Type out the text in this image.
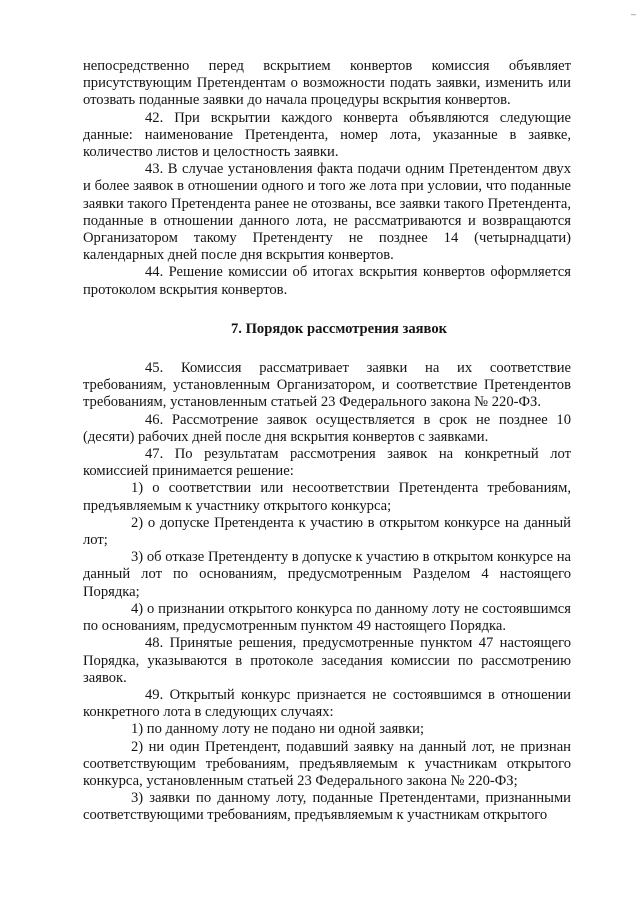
–

непосредственно перед вскрытием конвертов комиссия объявляет присутствующим Претендентам о возможности подать заявки, изменить или отозвать поданные заявки до начала процедуры вскрытия конвертов.

42. При вскрытии каждого конверта объявляются следующие данные: наименование Претендента, номер лота, указанные в заявке, количество листов и целостность заявки.

43. В случае установления факта подачи одним Претендентом двух и более заявок в отношении одного и того же лота при условии, что поданные заявки такого Претендента ранее не отозваны, все заявки такого Претендента, поданные в отношении данного лота, не рассматриваются и возвращаются Организатором такому Претенденту не позднее 14 (четырнадцати) календарных дней после дня вскрытия конвертов.

44. Решение комиссии об итогах вскрытия конвертов оформляется протоколом вскрытия конвертов.

7. Порядок рассмотрения заявок

45. Комиссия рассматривает заявки на их соответствие требованиям, установленным Организатором, и соответствие Претендентов требованиям, установленным статьей 23 Федерального закона № 220-ФЗ.

46. Рассмотрение заявок осуществляется в срок не позднее 10 (десяти) рабочих дней после дня вскрытия конвертов с заявками.

47. По результатам рассмотрения заявок на конкретный лот комиссией принимается решение:

1) о соответствии или несоответствии Претендента требованиям, предъявляемым к участнику открытого конкурса;

2) о допуске Претендента к участию в открытом конкурсе на данный лот;

3) об отказе Претенденту в допуске к участию в открытом конкурсе на данный лот по основаниям, предусмотренным Разделом 4 настоящего Порядка;

4) о признании открытого конкурса по данному лоту не состоявшимся по основаниям, предусмотренным пунктом 49 настоящего Порядка.

48. Принятые решения, предусмотренные пунктом 47 настоящего Порядка, указываются в протоколе заседания комиссии по рассмотрению заявок.

49. Открытый конкурс признается не состоявшимся в отношении конкретного лота в следующих случаях:

1) по данному лоту не подано ни одной заявки;

2) ни один Претендент, подавший заявку на данный лот, не признан соответствующим требованиям, предъявляемым к участникам открытого конкурса, установленным статьей 23 Федерального закона № 220-ФЗ;

3) заявки по данному лоту, поданные Претендентами, признанными соответствующими требованиям, предъявляемым к участникам открытого
